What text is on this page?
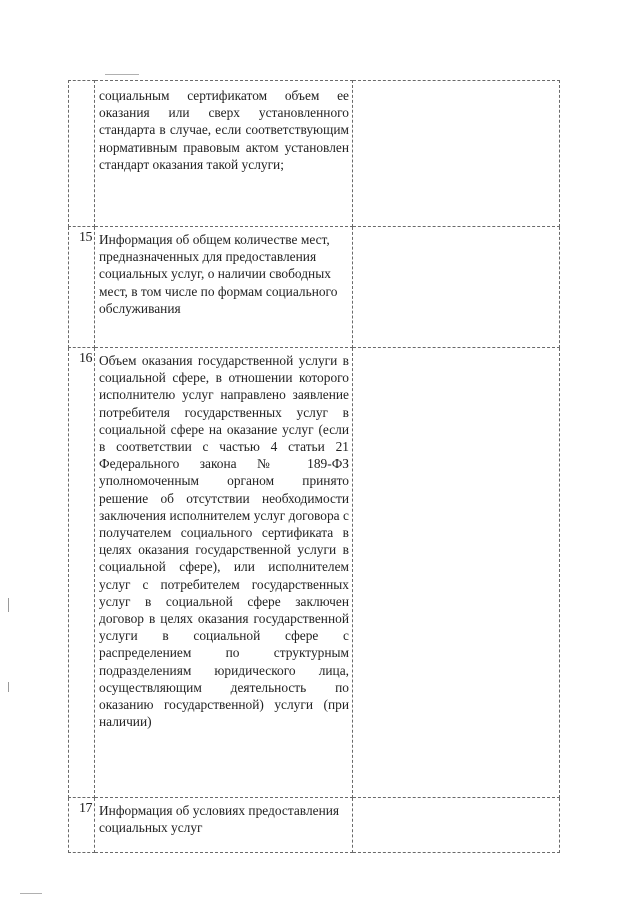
	социальным сертификатом объем ее оказания или сверх установленного стандарта в случае, если соответствующим нормативным правовым актом установлен стандарт оказания такой услуги;	
15	Информация об общем количестве мест, предназначенных для предоставления социальных услуг, о наличии свободных мест, в том числе по формам социального обслуживания	
16	Объем оказания государственной услуги в социальной сфере, в отношении которого исполнителю услуг направлено заявление потребителя государственных услуг в социальной сфере на оказание услуг (если в соответствии с частью 4 статьи 21 Федерального закона № 189-ФЗ уполномоченным органом принято решение об отсутствии необходимости заключения исполнителем услуг договора с получателем социального сертификата в целях оказания государственной услуги в социальной сфере), или исполнителем услуг с потребителем государственных услуг в социальной сфере заключен договор в целях оказания государственной услуги в социальной сфере с распределением по структурным подразделениям юридического лица, осуществляющим деятельность по оказанию государственной) услуги (при наличии)	
17	Информация об условиях предоставления социальных услуг	
